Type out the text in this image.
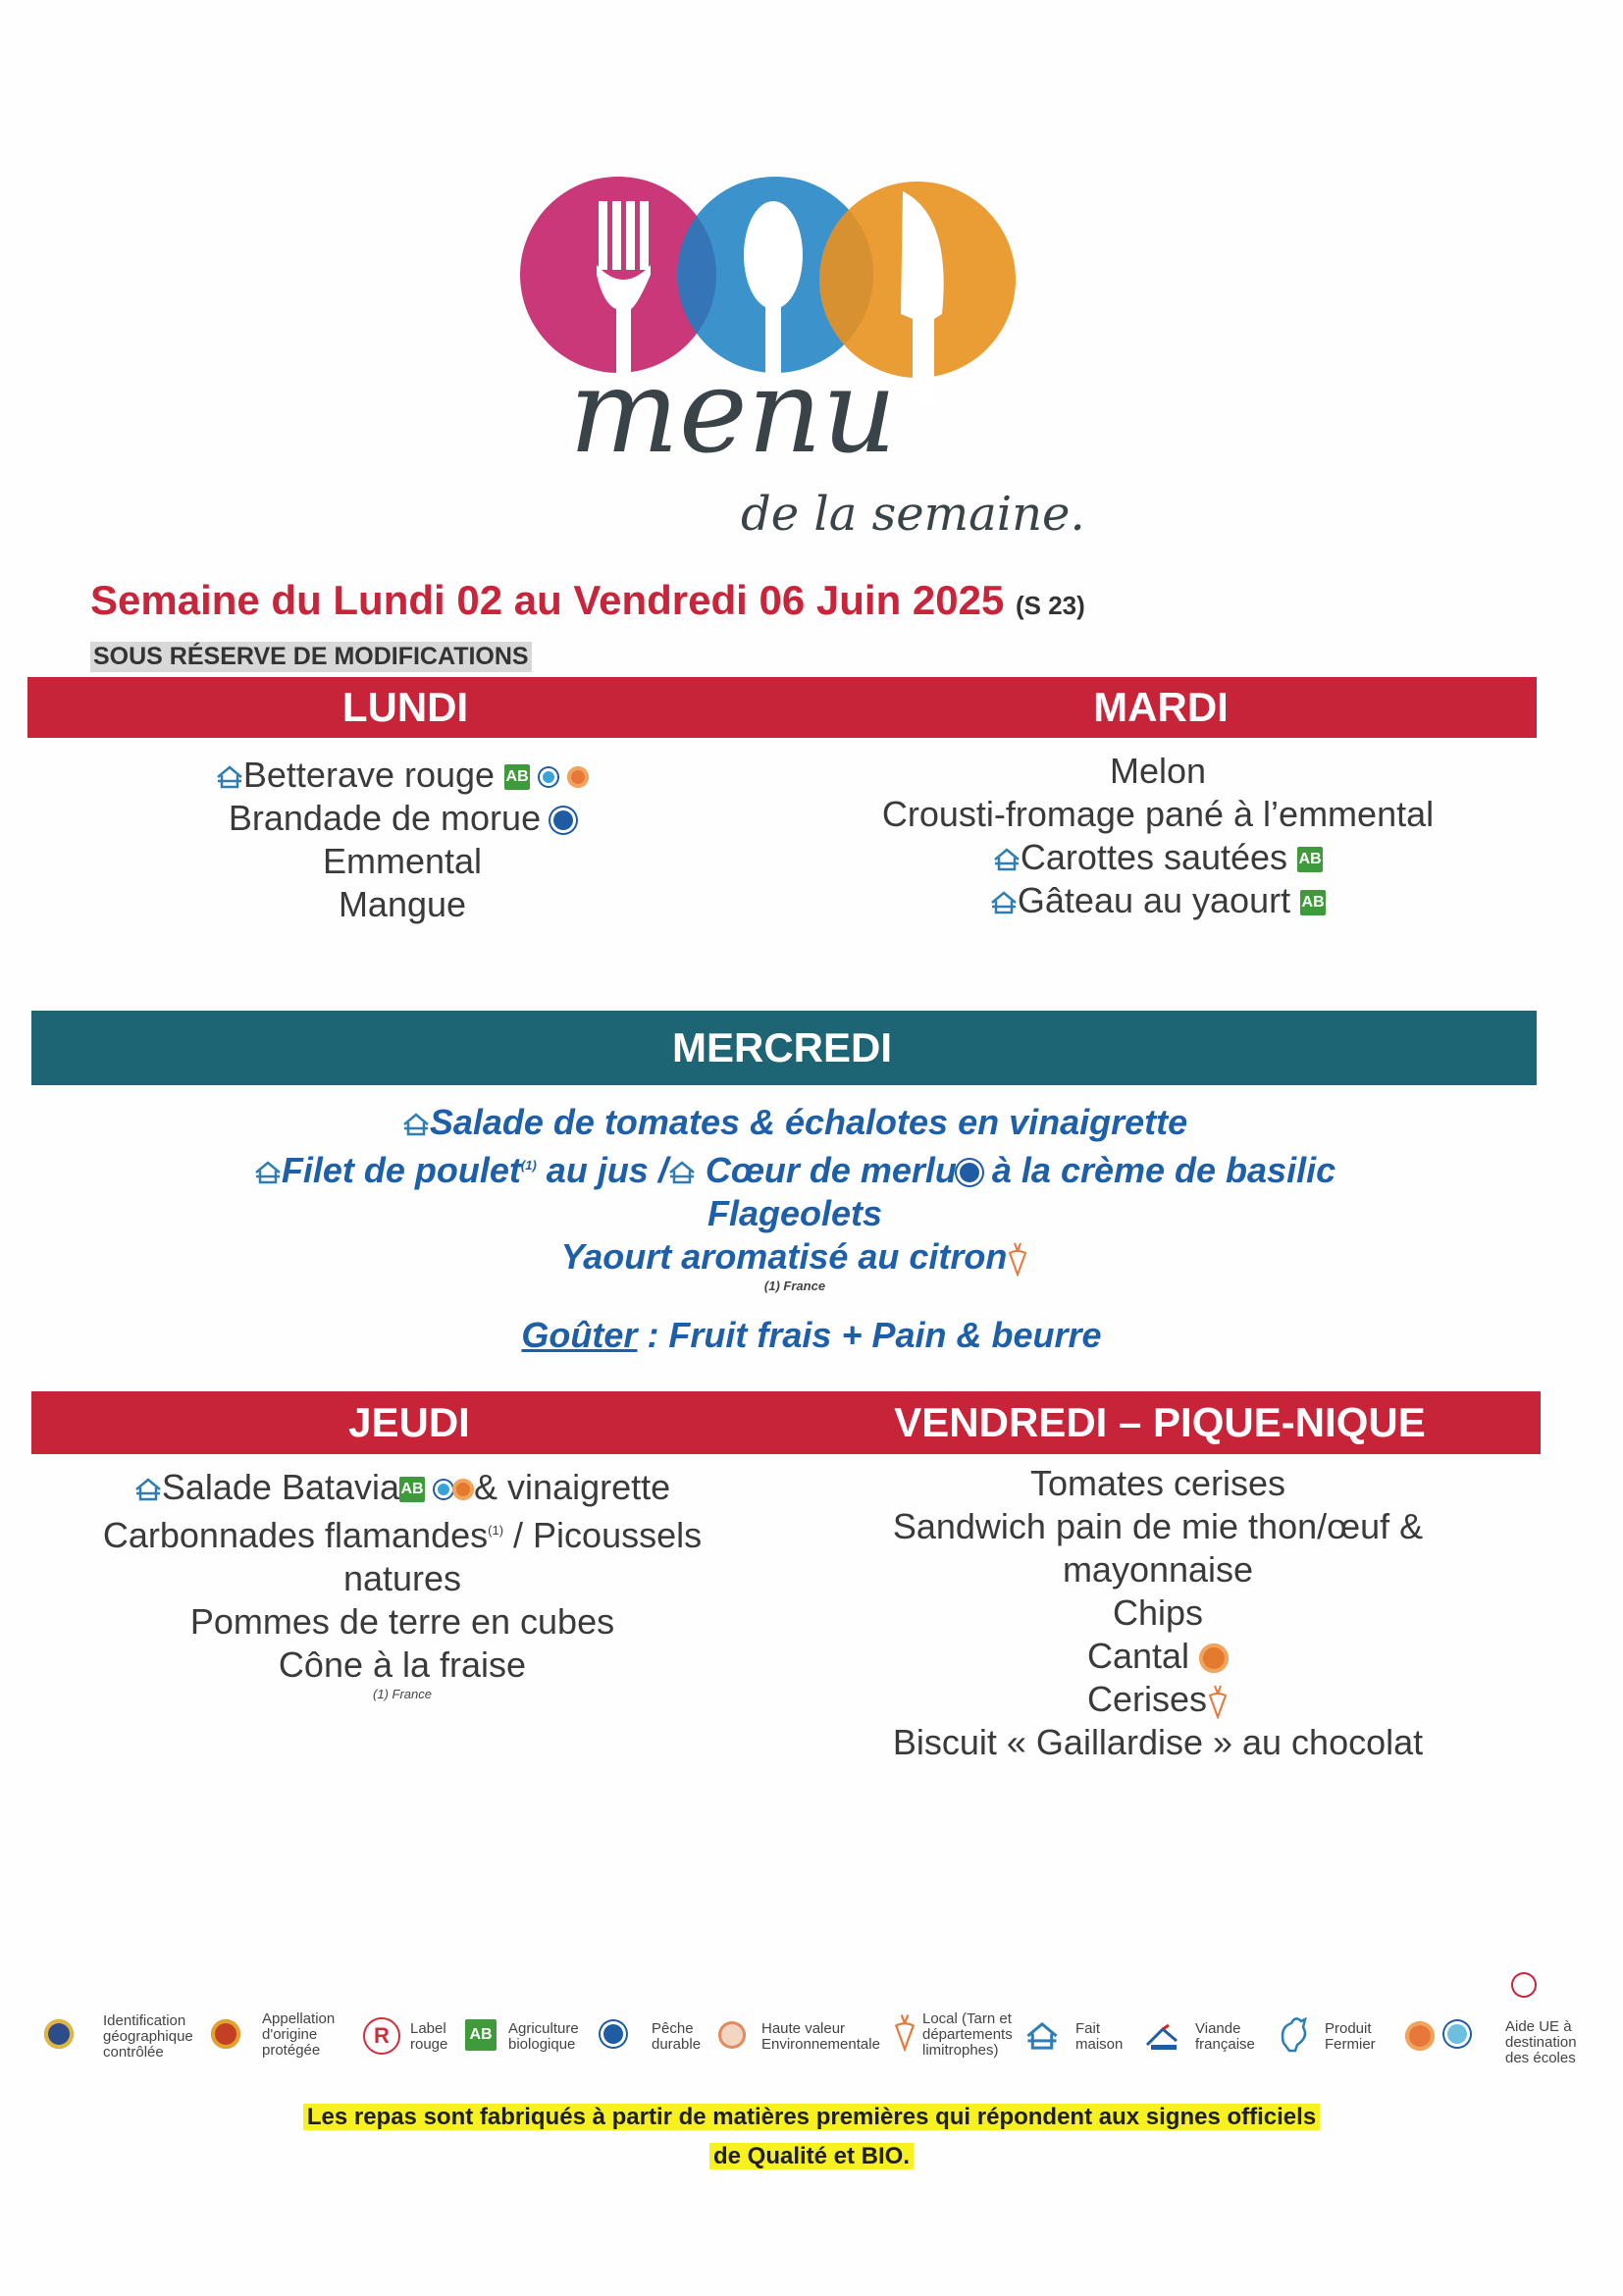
menu
de la semaine.
Semaine du Lundi 02 au Vendredi 06 Juin 2025 (S 23)
SOUS RÉSERVE DE MODIFICATIONS
LUNDI	MARDI
Betterave rouge AB
Brandade de morue
Emmental
Mangue
Melon
Crousti-fromage pané à l’emmental
Carottes sautées AB
Gâteau au yaourt AB
MERCREDI
Salade de tomates & échalotes en vinaigrette
Filet de poulet$^{(1)}$ au jus / Cœur de merlu à la crème de basilic
Flageolets
Yaourt aromatisé au citron
(1) France
Goûter : Fruit frais + Pain & beurre
JEUDI	VENDREDI – PIQUE-NIQUE
Salade BataviaAB & vinaigrette
Carbonnades flamandes$^{(1)}$ / Picoussels
natures
Pommes de terre en cubes
Cône à la fraise
(1) France
Tomates cerises
Sandwich pain de mie thon/œuf &
mayonnaise
Chips
Cantal
Cerises
Biscuit « Gaillardise » au chocolat
Identification
géographique
contrôlée
Appellation
d'origine
protégée
R	Label
rouge
AB Agriculture
biologique
Pêche
durable
Haute valeur
Environnementale
Local (Tarn et
départements
limitrophes)
Fait
maison
Viande
française
Produit
Fermier
Aide UE à
destination
des écoles
Les repas sont fabriqués à partir de matières premières qui répondent aux signes officiels
de Qualité et BIO.
